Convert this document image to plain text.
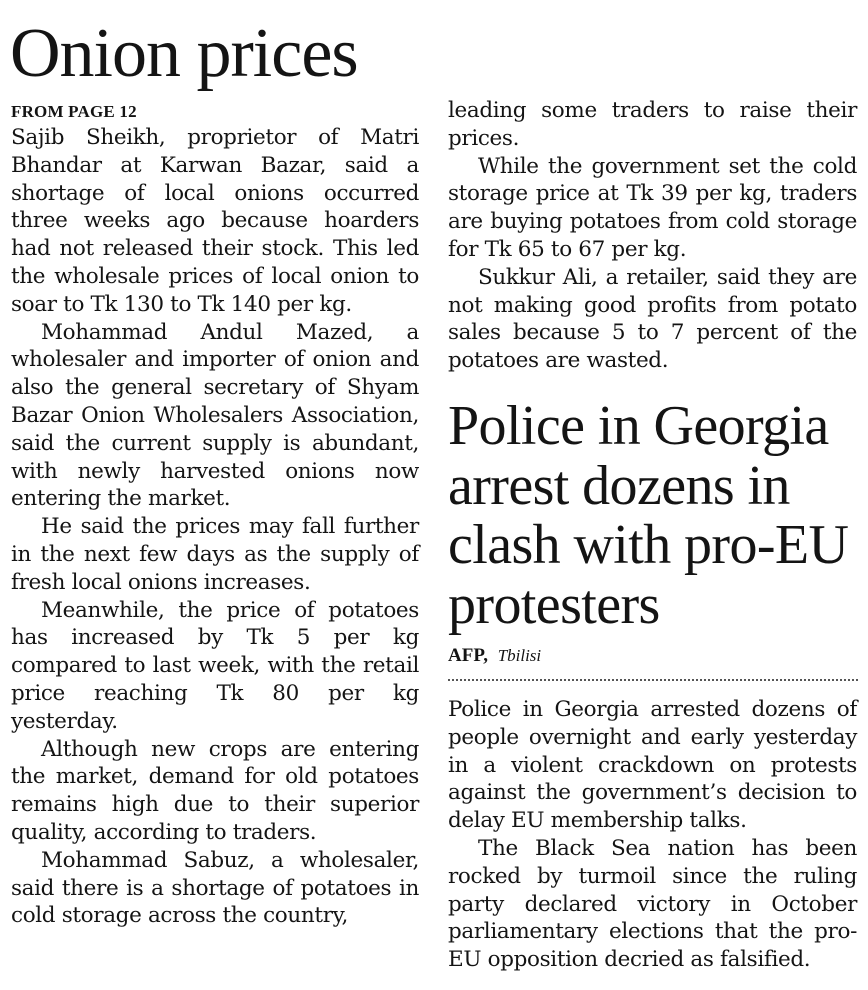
Onion prices
FROM PAGE 12

Sajib Sheikh, proprietor of Matri Bhandar at Karwan Bazar, said a shortage of local onions occurred three weeks ago because hoarders had not released their stock. This led the wholesale prices of local onion to soar to Tk 130 to Tk 140 per kg.

Mohammad Andul Mazed, a wholesaler and importer of onion and also the general secretary of Shyam Bazar Onion Wholesalers Association, said the current supply is abundant, with newly harvested onions now entering the market.

He said the prices may fall further in the next few days as the supply of fresh local onions increases.

Meanwhile, the price of potatoes has increased by Tk 5 per kg compared to last week, with the retail price reaching Tk 80 per kg yesterday.

Although new crops are entering the market, demand for old potatoes remains high due to their superior quality, according to traders.

Mohammad Sabuz, a wholesaler, said there is a shortage of potatoes in cold storage across the country,

leading some traders to raise their prices.

While the government set the cold storage price at Tk 39 per kg, traders are buying potatoes from cold storage for Tk 65 to 67 per kg.

Sukkur Ali, a retailer, said they are not making good profits from potato sales because 5 to 7 percent of the potatoes are wasted.

Police in Georgia arrest dozens in clash with pro-EU protesters
AFP, Tbilisi

Police in Georgia arrested dozens of people overnight and early yesterday in a violent crackdown on protests against the government’s decision to delay EU membership talks.

The Black Sea nation has been rocked by turmoil since the ruling party declared victory in October parliamentary elections that the pro-EU opposition decried as falsified.
